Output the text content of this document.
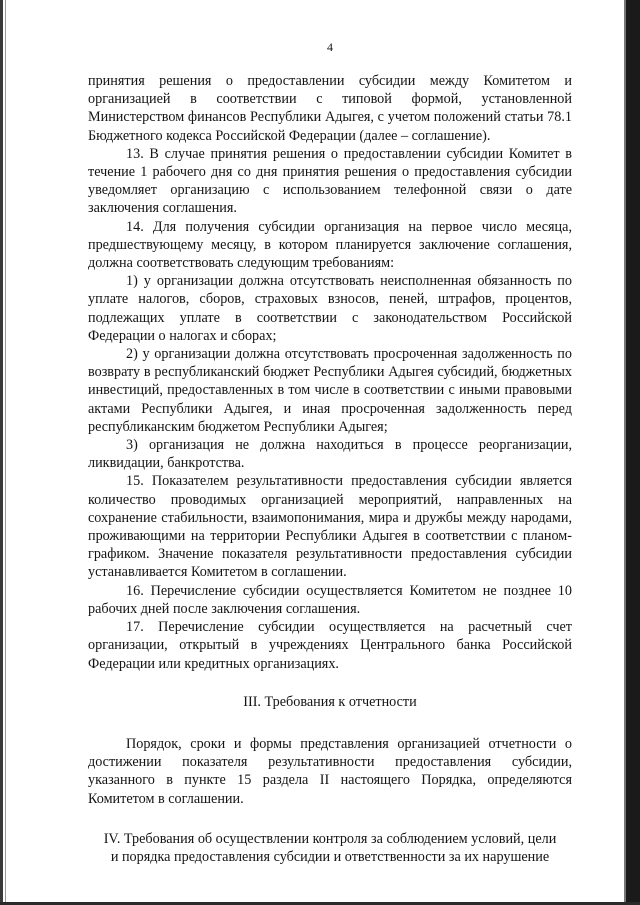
4

принятия решения о предоставлении субсидии между Комитетом и организацией в соответствии с типовой формой, установленной Министерством финансов Республики Адыгея, с учетом положений статьи 78.1 Бюджетного кодекса Российской Федерации (далее – соглашение).

13. В случае принятия решения о предоставлении субсидии Комитет в течение 1 рабочего дня со дня принятия решения о предоставления субсидии уведомляет организацию с использованием телефонной связи о дате заключения соглашения.

14. Для получения субсидии организация на первое число месяца, предшествующему месяцу, в котором планируется заключение соглашения, должна соответствовать следующим требованиям:

1) у организации должна отсутствовать неисполненная обязанность по уплате налогов, сборов, страховых взносов, пеней, штрафов, процентов, подлежащих уплате в соответствии с законодательством Российской Федерации о налогах и сборах;

2) у организации должна отсутствовать просроченная задолженность по возврату в республиканский бюджет Республики Адыгея субсидий, бюджетных инвестиций, предоставленных в том числе в соответствии с иными правовыми актами Республики Адыгея, и иная просроченная задолженность перед республиканским бюджетом Республики Адыгея;

3) организация не должна находиться в процессе реорганизации, ликвидации, банкротства.

15. Показателем результативности предоставления субсидии является количество проводимых организацией мероприятий, направленных на сохранение стабильности, взаимопонимания, мира и дружбы между народами, проживающими на территории Республики Адыгея в соответствии с планом-графиком. Значение показателя результативности предоставления субсидии устанавливается Комитетом в соглашении.

16. Перечисление субсидии осуществляется Комитетом не позднее 10 рабочих дней после заключения соглашения.

17. Перечисление субсидии осуществляется на расчетный счет организации, открытый в учреждениях Центрального банка Российской Федерации или кредитных организациях.

III. Требования к отчетности

Порядок, сроки и формы представления организацией отчетности о достижении показателя результативности предоставления субсидии, указанного в пункте 15 раздела II настоящего Порядка, определяются Комитетом в соглашении.

IV. Требования об осуществлении контроля за соблюдением условий, цели
и порядка предоставления субсидии и ответственности за их нарушение
